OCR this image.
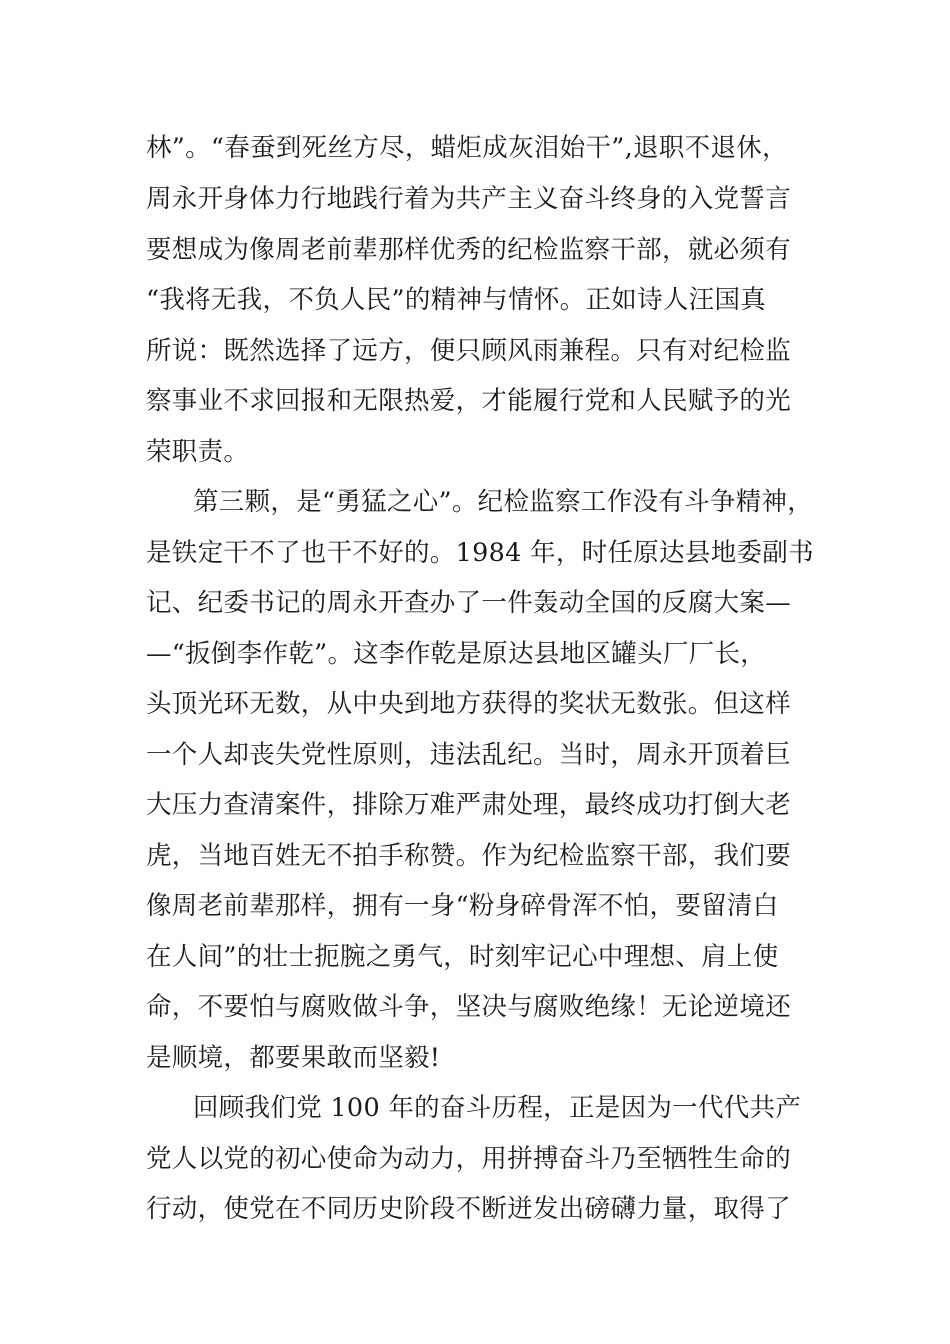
林”。“春蚕到死丝方尽，蜡炬成灰泪始干”,退职不退休，
周永开身体力行地践行着为共产主义奋斗终身的入党誓言
要想成为像周老前辈那样优秀的纪检监察干部，就必须有
“我将无我，不负人民”的精神与情怀。正如诗人汪国真
所说：既然选择了远方，便只顾风雨兼程。只有对纪检监
察事业不求回报和无限热爱，才能履行党和人民赋予的光
荣职责。
第三颗，是“勇猛之心”。纪检监察工作没有斗争精神，
是铁定干不了也干不好的。1984 年，时任原达县地委副书
记、纪委书记的周永开查办了一件轰动全国的反腐大案—
—“扳倒李作乾”。这李作乾是原达县地区罐头厂厂长，
头顶光环无数，从中央到地方获得的奖状无数张。但这样
一个人却丧失党性原则，违法乱纪。当时，周永开顶着巨
大压力查清案件，排除万难严肃处理，最终成功打倒大老
虎，当地百姓无不拍手称赞。作为纪检监察干部，我们要
像周老前辈那样，拥有一身“粉身碎骨浑不怕，要留清白
在人间”的壮士扼腕之勇气，时刻牢记心中理想、肩上使
命，不要怕与腐败做斗争，坚决与腐败绝缘！无论逆境还
是顺境，都要果敢而坚毅!
回顾我们党 100 年的奋斗历程，正是因为一代代共产
党人以党的初心使命为动力，用拼搏奋斗乃至牺牲生命的
行动，使党在不同历史阶段不断迸发出磅礴力量，取得了
